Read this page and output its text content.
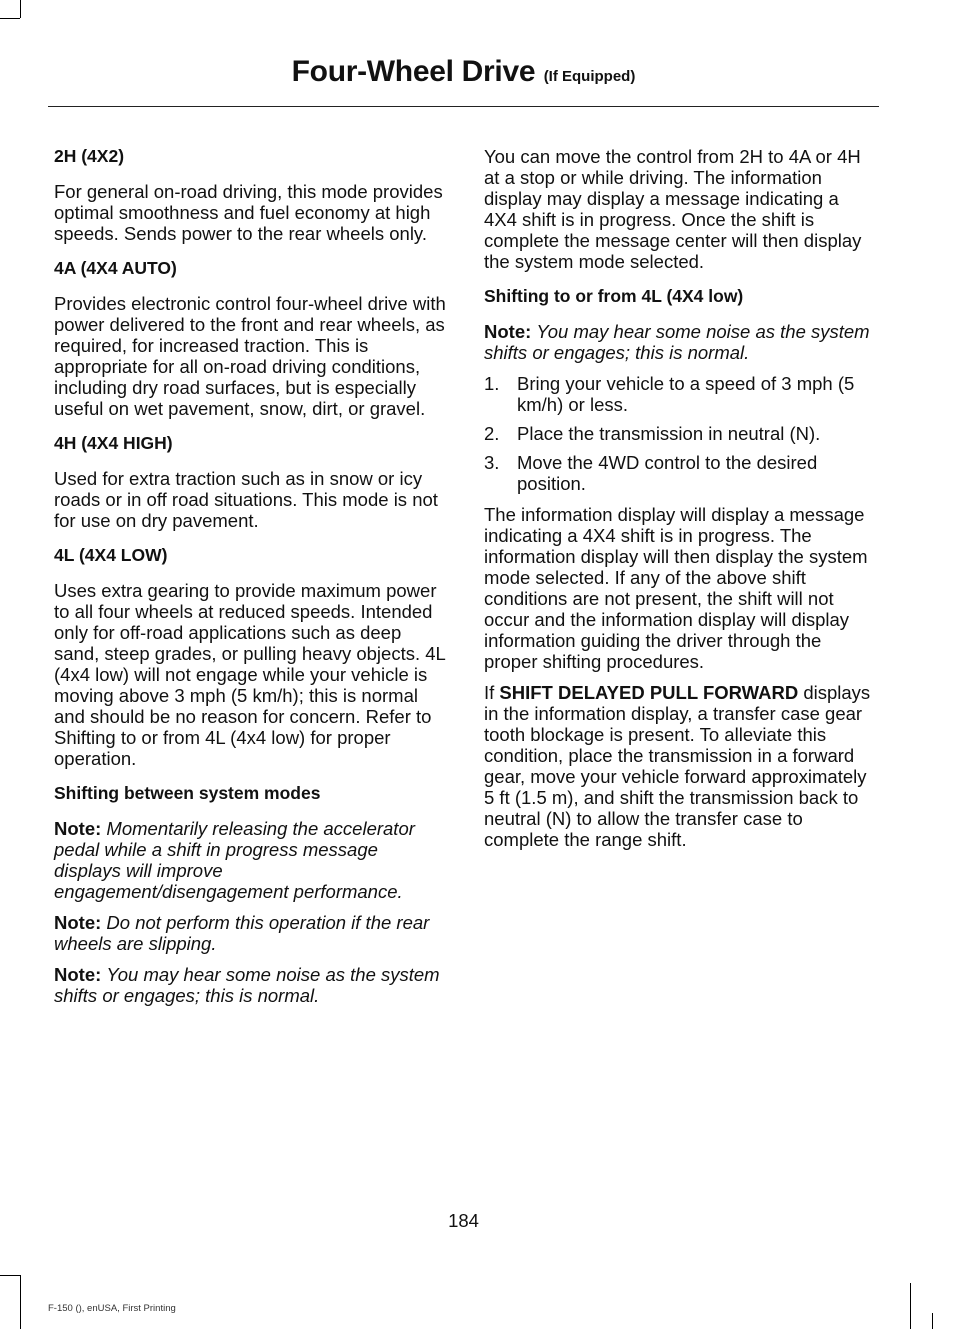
Four-Wheel Drive (If Equipped)
2H (4X2)

For general on-road driving, this mode provides optimal smoothness and fuel economy at high speeds. Sends power to the rear wheels only.

4A (4X4 AUTO)

Provides electronic control four-wheel drive with power delivered to the front and rear wheels, as required, for increased traction. This is appropriate for all on-road driving conditions, including dry road surfaces, but is especially useful on wet pavement, snow, dirt, or gravel.

4H (4X4 HIGH)

Used for extra traction such as in snow or icy roads or in off road situations. This mode is not for use on dry pavement.

4L (4X4 LOW)

Uses extra gearing to provide maximum power to all four wheels at reduced speeds. Intended only for off-road applications such as deep sand, steep grades, or pulling heavy objects. 4L (4x4 low) will not engage while your vehicle is moving above 3 mph (5 km/h); this is normal and should be no reason for concern. Refer to Shifting to or from 4L (4x4 low) for proper operation.

Shifting between system modes

Note: Momentarily releasing the accelerator pedal while a shift in progress message displays will improve engagement/disengagement performance.

Note: Do not perform this operation if the rear wheels are slipping.

Note: You may hear some noise as the system shifts or engages; this is normal.

You can move the control from 2H to 4A or 4H at a stop or while driving. The information display may display a message indicating a 4X4 shift is in progress. Once the shift is complete the message center will then display the system mode selected.

Shifting to or from 4L (4X4 low)

Note: You may hear some noise as the system shifts or engages; this is normal.

1. Bring your vehicle to a speed of 3 mph (5 km/h) or less.
2. Place the transmission in neutral (N).
3. Move the 4WD control to the desired position.

The information display will display a message indicating a 4X4 shift is in progress. The information display will then display the system mode selected. If any of the above shift conditions are not present, the shift will not occur and the information display will display information guiding the driver through the proper shifting procedures.

If SHIFT DELAYED PULL FORWARD displays in the information display, a transfer case gear tooth blockage is present. To alleviate this condition, place the transmission in a forward gear, move your vehicle forward approximately 5 ft (1.5 m), and shift the transmission back to neutral (N) to allow the transfer case to complete the range shift.

184
F-150 (), enUSA, First Printing
